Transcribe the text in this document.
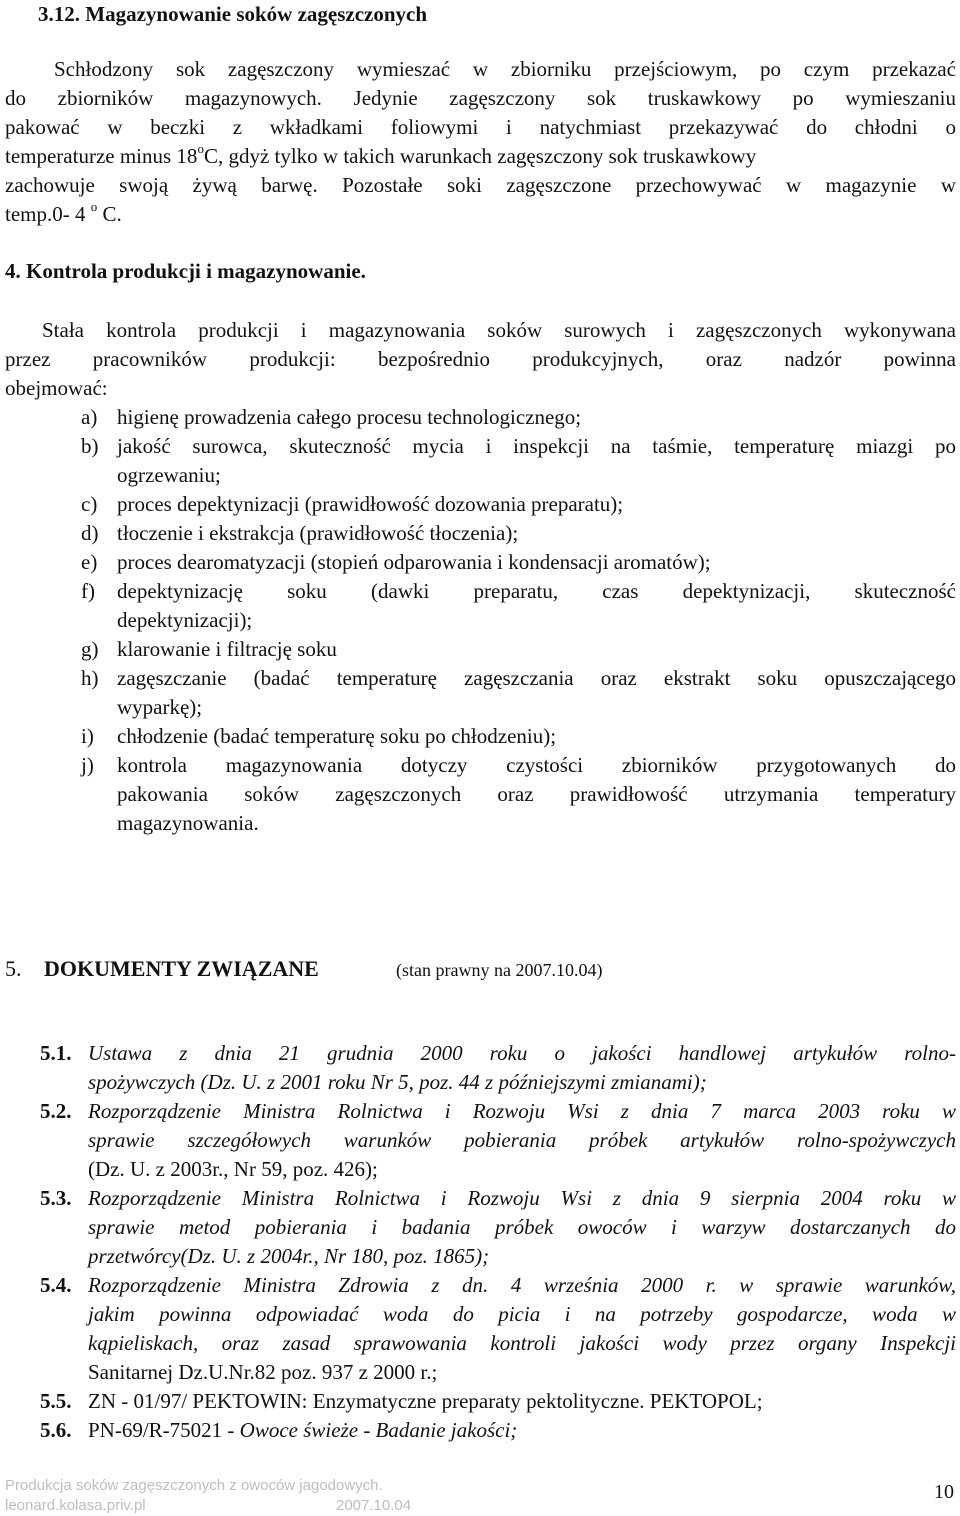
3.12. Magazynowanie soków zagęszczonych
Schłodzony sok zagęszczony wymieszać w zbiorniku przejściowym, po czym przekazać
do zbiorników magazynowych. Jedynie zagęszczony sok truskawkowy po wymieszaniu
pakować w beczki z wkładkami foliowymi i natychmiast przekazywać do chłodni o
temperaturze minus 18$^o$C, gdyż tylko w takich warunkach zagęszczony sok truskawkowy
zachowuje swoją żywą barwę. Pozostałe soki zagęszczone przechowywać w magazynie w
temp.0- 4 $^o$ C.
4. Kontrola produkcji i magazynowanie.
Stała kontrola produkcji i magazynowania soków surowych i zagęszczonych wykonywana
przez pracowników produkcji: bezpośrednio produkcyjnych, oraz nadzór powinna
obejmować:
a) higienę prowadzenia całego procesu technologicznego;
b) jakość surowca, skuteczność mycia i inspekcji na taśmie, temperaturę miazgi po
ogrzewaniu;
c) proces depektynizacji (prawidłowość dozowania preparatu);
d) tłoczenie i ekstrakcja (prawidłowość tłoczenia);
e) proces dearomatyzacji (stopień odparowania i kondensacji aromatów);
f) depektynizację soku (dawki preparatu, czas depektynizacji, skuteczność
depektynizacji);
g) klarowanie i filtrację soku
h) zagęszczanie (badać temperaturę zagęszczania oraz ekstrakt soku opuszczającego
wyparkę);
i) chłodzenie (badać temperaturę soku po chłodzeniu);
j) kontrola magazynowania dotyczy czystości zbiorników przygotowanych do
pakowania soków zagęszczonych oraz prawidłowość utrzymania temperatury
magazynowania.
5. DOKUMENTY ZWIĄZANE	(stan prawny na 2007.10.04)
5.1. Ustawa z dnia 21 grudnia 2000 roku o jakości handlowej artykułów rolno-
spożywczych (Dz. U. z 2001 roku Nr 5, poz. 44 z późniejszymi zmianami);
5.2. Rozporządzenie Ministra Rolnictwa i Rozwoju Wsi z dnia 7 marca 2003 roku w
sprawie szczegółowych warunków pobierania próbek artykułów rolno-spożywczych
(Dz. U. z 2003r., Nr 59, poz. 426);
5.3. Rozporządzenie Ministra Rolnictwa i Rozwoju Wsi z dnia 9 sierpnia 2004 roku w
sprawie metod pobierania i badania próbek owoców i warzyw dostarczanych do
przetwórcy(Dz. U. z 2004r., Nr 180, poz. 1865);
5.4. Rozporządzenie Ministra Zdrowia z dn. 4 września 2000 r. w sprawie warunków,
jakim powinna odpowiadać woda do picia i na potrzeby gospodarcze, woda w
kąpieliskach, oraz zasad sprawowania kontroli jakości wody przez organy Inspekcji
Sanitarnej Dz.U.Nr.82 poz. 937 z 2000 r.;
5.5. ZN - 01/97/ PEKTOWIN: Enzymatyczne preparaty pektolityczne. PEKTOPOL;
5.6. PN-69/R-75021 - Owoce świeże - Badanie jakości;
Produkcja soków zagęszczonych z owoców jagodowych.
leonard.kolasa.priv.pl	2007.10.04
10
